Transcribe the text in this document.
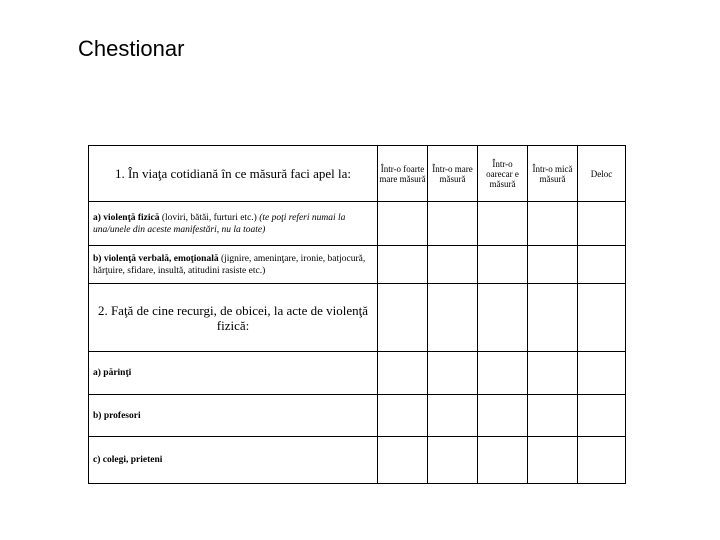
Chestionar
1. În viaţa cotidiană în ce măsură faci apel la:	Într-o foarte mare măsură	Într-o mare măsură	Într-o oarecar e măsură	Într-o mică măsură	Deloc
a) violenţă fizică (loviri, bătăi, furturi etc.) (te poţi referi numai la una/unele din aceste manifestări, nu la toate)					
b) violenţă verbală, emoţională (jignire, ameninţare, ironie, batjocură, hărţuire, sfidare, insultă, atitudini rasiste etc.)					
2. Faţă de cine recurgi, de obicei, la acte de violenţă fizică:					
a) părinţi					
b) profesori					
c) colegi, prieteni					
